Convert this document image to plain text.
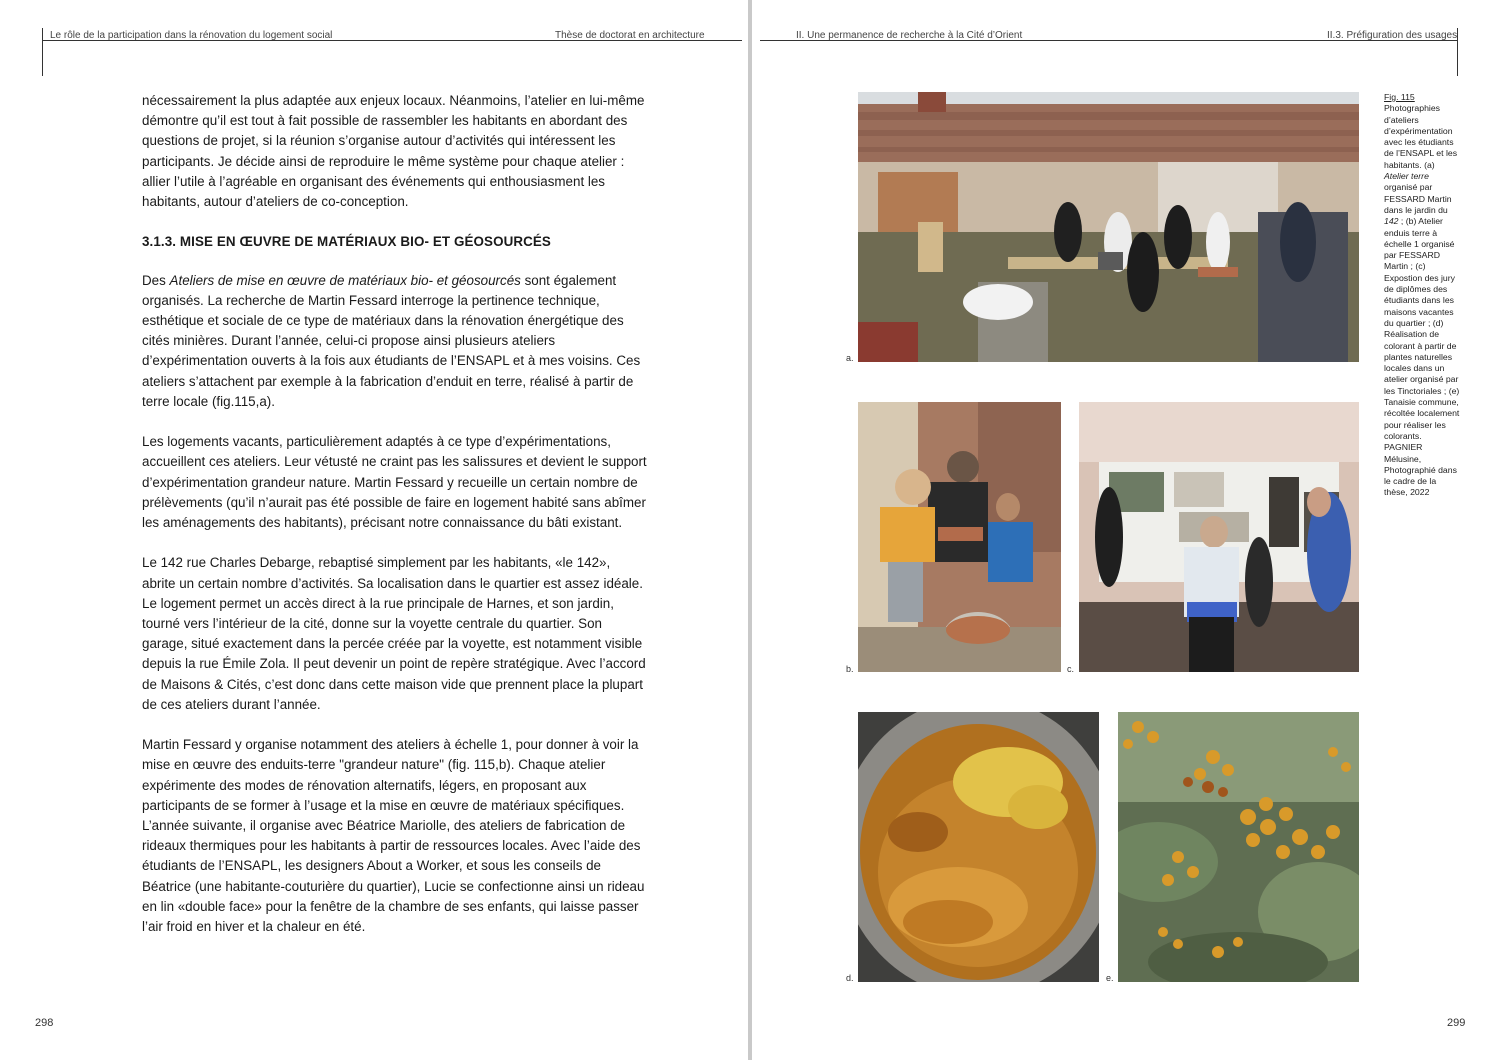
Le rôle de la participation dans la rénovation du logement social	Thèse de doctorat en architecture

nécessairement la plus adaptée aux enjeux locaux. Néanmoins, l’atelier en lui-même démontre qu’il est tout à fait possible de rassembler les habitants en abordant des questions de projet, si la réunion s’organise autour d’activités qui intéressent les participants. Je décide ainsi de reproduire le même système pour chaque atelier : allier l’utile à l’agréable en organisant des événements qui enthousiasment les habitants, autour d’ateliers de co-conception.

3.1.3. MISE EN ŒUVRE DE MATÉRIAUX BIO- ET GÉOSOURCÉS

Des Ateliers de mise en œuvre de matériaux bio- et géosourcés sont également organisés. La recherche de Martin Fessard interroge la pertinence technique, esthétique et sociale de ce type de matériaux dans la rénovation énergétique des cités minières. Durant l’année, celui-ci propose ainsi plusieurs ateliers d’expérimentation ouverts à la fois aux étudiants de l’ENSAPL et à mes voisins. Ces ateliers s’attachent par exemple à la fabrication d’enduit en terre, réalisé à partir de terre locale (fig.115,a).

Les logements vacants, particulièrement adaptés à ce type d’expérimentations, accueillent ces ateliers. Leur vétusté ne craint pas les salissures et devient le support d’expérimentation grandeur nature. Martin Fessard y recueille un certain nombre de prélèvements (qu’il n’aurait pas été possible de faire en logement habité sans abîmer les aménagements des habitants), précisant notre connaissance du bâti existant.

Le 142 rue Charles Debarge, rebaptisé simplement par les habitants, «le 142», abrite un certain nombre d’activités. Sa localisation dans le quartier est assez idéale. Le logement permet un accès direct à la rue principale de Harnes, et son jardin, tourné vers l’intérieur de la cité, donne sur la voyette centrale du quartier. Son garage, situé exactement dans la percée créée par la voyette, est notamment visible depuis la rue Émile Zola. Il peut devenir un point de repère stratégique. Avec l’accord de Maisons & Cités, c’est donc dans cette maison vide que prennent place la plupart de ces ateliers durant l’année.

Martin Fessard y organise notamment des ateliers à échelle 1, pour donner à voir la mise en œuvre des enduits-terre "grandeur nature" (fig. 115,b). Chaque atelier expérimente des modes de rénovation alternatifs, légers, en proposant aux participants de se former à l’usage et la mise en œuvre de matériaux spécifiques. L’année suivante, il organise avec Béatrice Mariolle, des ateliers de fabrication de rideaux thermiques pour les habitants à partir de ressources locales. Avec l’aide des étudiants de l’ENSAPL, les designers About a Worker, et sous les conseils de Béatrice (une habitante-couturière du quartier), Lucie se confectionne ainsi un rideau en lin «double face» pour la fenêtre de la chambre de ses enfants, qui laisse passer l’air froid en hiver et la chaleur en été.

298
II. Une permanence de recherche à la Cité d’Orient	II.3. Préfiguration des usages
a.
b.	c.
d.	e.
Fig. 115
Photographies d’ateliers d’expérimentation avec les étudiants de l’ENSAPL et les habitants. (a) Atelier terre organisé par FESSARD Martin dans le jardin du 142 ; (b) Atelier enduis terre à échelle 1 organisé par FESSARD Martin ; (c) Expostion des jury de diplômes des étudiants dans les maisons vacantes du quartier ; (d) Réalisation de colorant à partir de plantes naturelles locales dans un atelier organisé par les Tinctoriales ; (e) Tanaisie commune, récoltée localement pour réaliser les colorants. PAGNIER Mélusine, Photographié dans le cadre de la thèse, 2022
299
